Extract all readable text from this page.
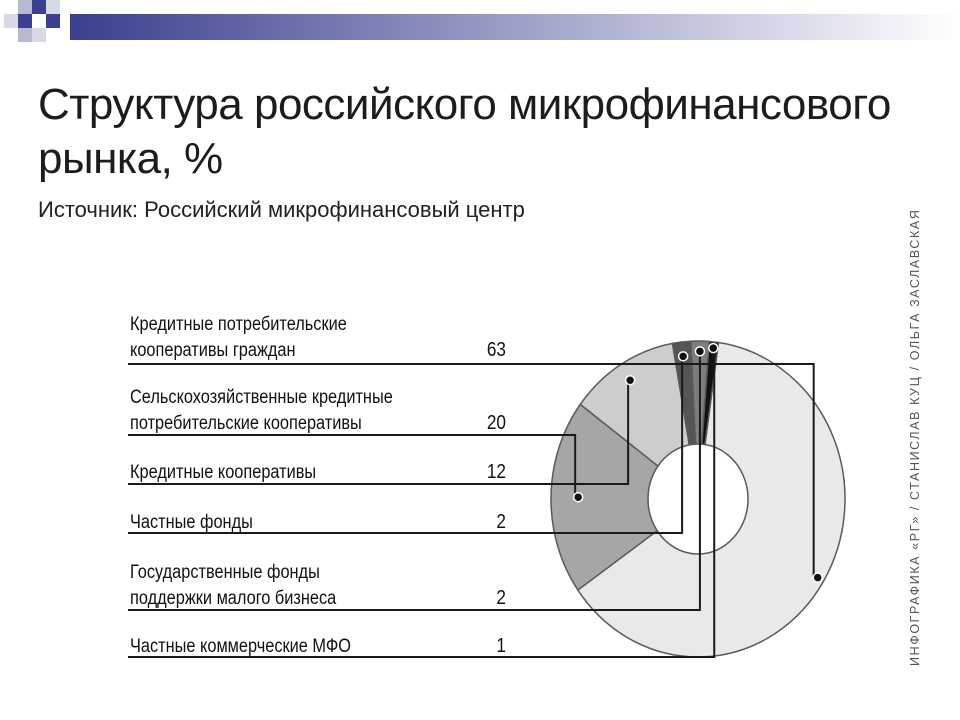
Структура российского микрофинансового
рынка, %
Источник: Российский микрофинансовый центр	ИНФОГРАФИКА «РГ» / СТАНИСЛАВ КУЦ / ОЛЬГА ЗАСЛАВСКАЯ
Кредитные потребительские
кооперативы граждан	63
Сельскохозяйственные кредитные
потребительские кооперативы	20
Кредитные кооперативы	12
Частные фонды	2
Государственные фонды
поддержки малого бизнеса	2
Частные коммерческие МФО	1
